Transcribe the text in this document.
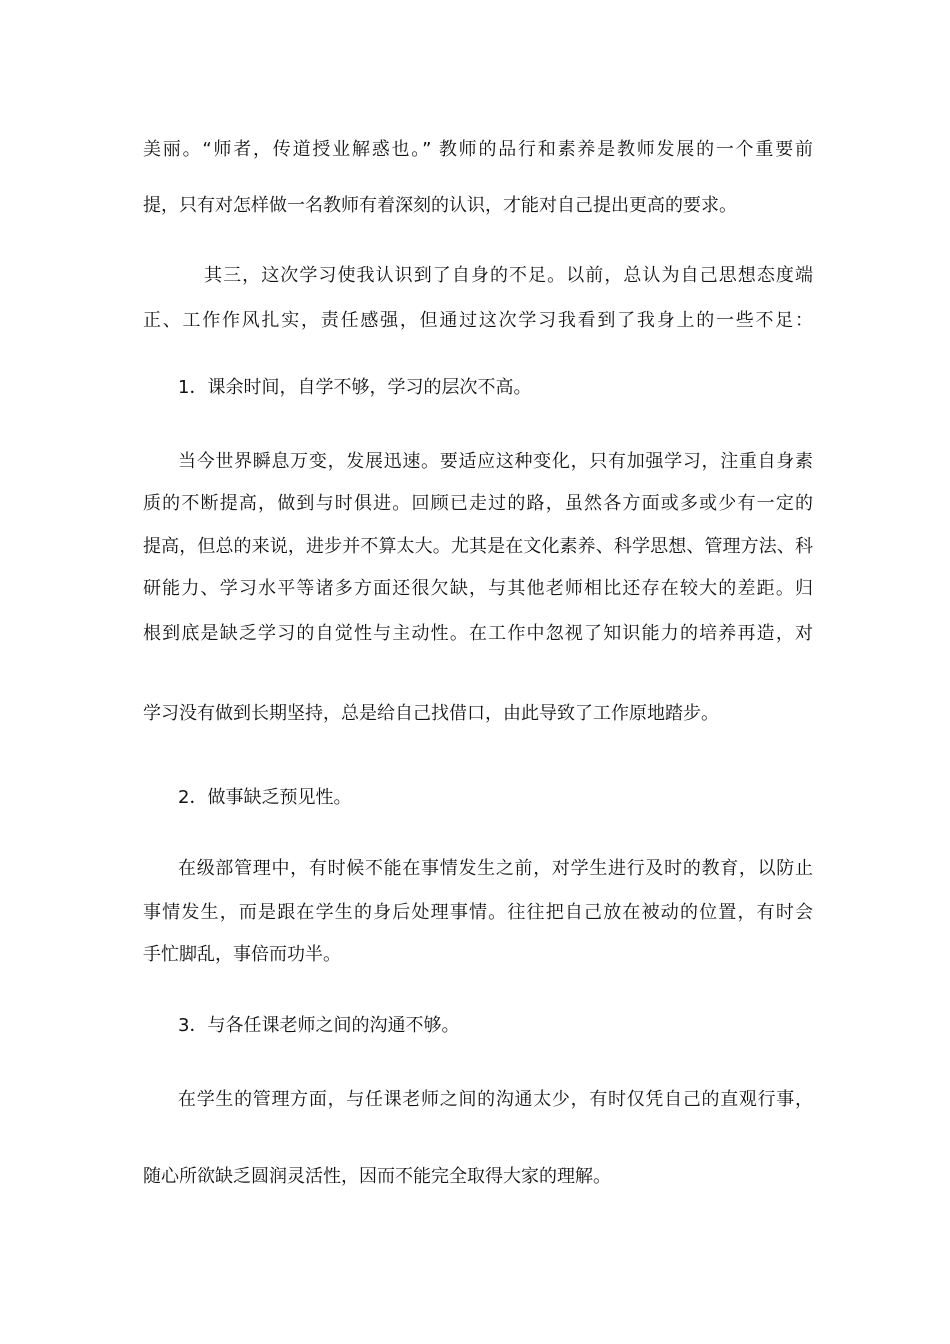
美丽。“师者，传道授业解惑也。” 教师的品行和素养是教师发展的一个重要前
提，只有对怎样做一名教师有着深刻的认识，才能对自己提出更高的要求。
其三，这次学习使我认识到了自身的不足。以前，总认为自己思想态度端
正、工作作风扎实，责任感强，但通过这次学习我看到了我身上的一些不足：
1．课余时间，自学不够，学习的层次不高。
当今世界瞬息万变，发展迅速。要适应这种变化，只有加强学习，注重自身素
质的不断提高，做到与时俱进。回顾已走过的路，虽然各方面或多或少有一定的
提高，但总的来说，进步并不算太大。尤其是在文化素养、科学思想、管理方法、科
研能力、学习水平等诸多方面还很欠缺，与其他老师相比还存在较大的差距。归
根到底是缺乏学习的自觉性与主动性。在工作中忽视了知识能力的培养再造，对
学习没有做到长期坚持，总是给自己找借口，由此导致了工作原地踏步。
2．做事缺乏预见性。
在级部管理中，有时候不能在事情发生之前，对学生进行及时的教育，以防止
事情发生，而是跟在学生的身后处理事情。往往把自己放在被动的位置，有时会
手忙脚乱，事倍而功半。
3．与各任课老师之间的沟通不够。
在学生的管理方面，与任课老师之间的沟通太少，有时仅凭自己的直观行事，
随心所欲缺乏圆润灵活性，因而不能完全取得大家的理解。
